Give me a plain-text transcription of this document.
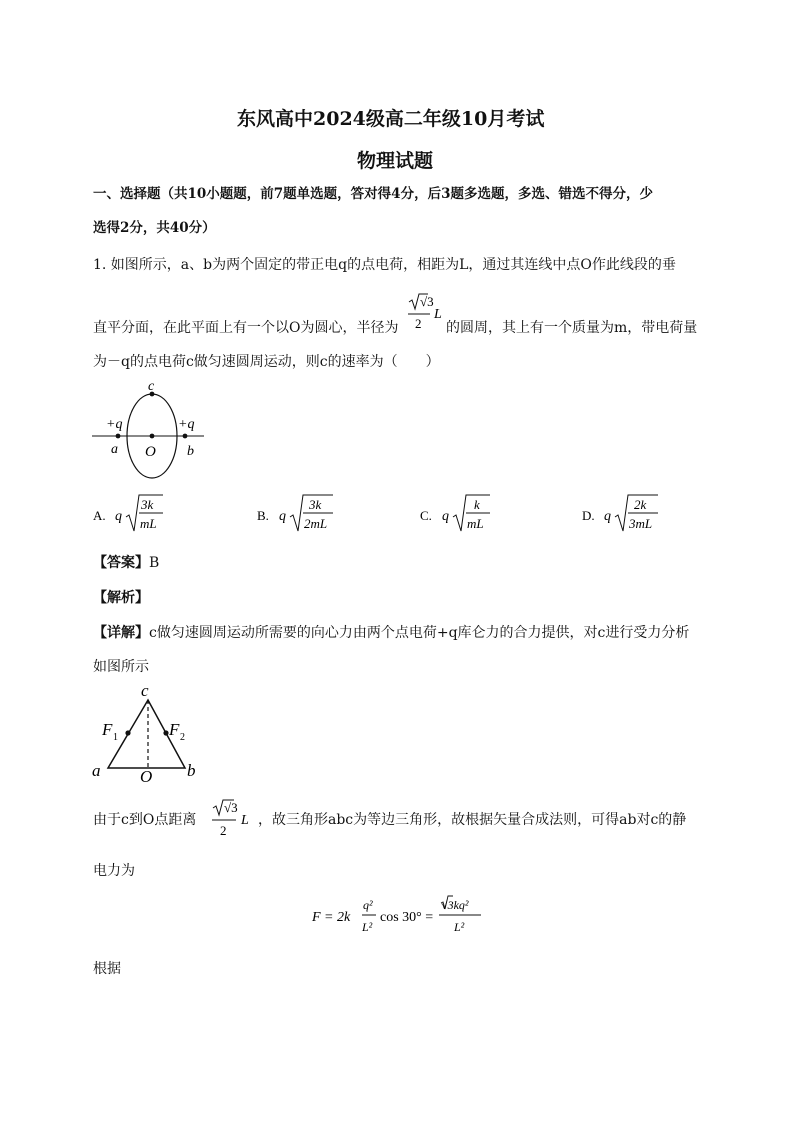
东风高中2024级高二年级10月考试
物理试题
一、选择题（共10小题题，前7题单选题，答对得4分，后3题多选题，多选、错选不得分，少
选得2分，共40分）
1. 如图所示，a、b为两个固定的带正电q的点电荷，相距为L，通过其连线中点O作此线段的垂
√3
2
L
直平分面，在此平面上有一个以O为圆心，半径为	的圆周，其上有一个质量为m，带电荷量
为－q的点电荷c做匀速圆周运动，则c的速率为（　　）
c
+q	+q
a O b
A. q
3k
mL
B. q
3k
2mL
C. q
k
mL
D. q
2k
3mL
【答案】B
【解析】
【详解】c做匀速圆周运动所需要的向心力由两个点电荷+q库仑力的合力提供，对c进行受力分析
如图所示
c
F 1	F 2
a O b
由于c到O点距离
√3
2
L ，故三角形abc为等边三角形，故根据矢量合成法则，可得ab对c的静
电力为
F = 2k
q²
L²
cos 30° =
√3kq²
L²
根据
